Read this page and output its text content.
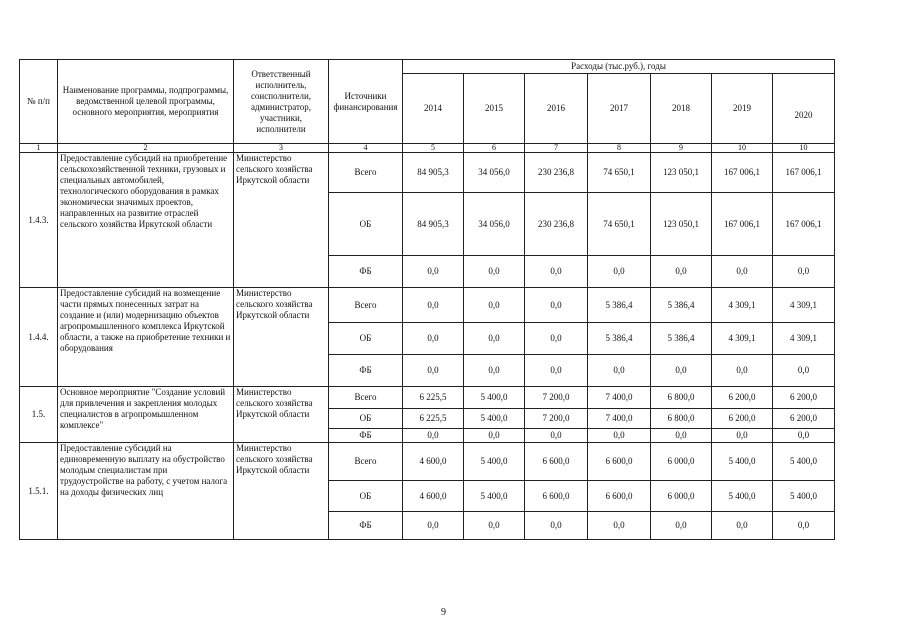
№ п/п	Наименование программы, подпрограммы, ведомственной целевой программы, основного мероприятия, мероприятия	Ответственный исполнитель, соисполнители, администратор, участники, исполнители	Источники финансирования	Расходы (тыс.руб.), годы						
				2014	2015	2016	2017	2018	2019	2020
1	2	3	4	5	6	7	8	9	10	10
1.4.3.	Предоставление субсидий на приобретение сельскохозяйственной техники, грузовых и специальных автомобилей, технологического оборудования в рамках экономически значимых проектов, направленных на развитие отраслей сельского хозяйства Иркутской области	Министерство сельского хозяйства Иркутской области	Всего	84 905,3	34 056,0	230 236,8	74 650,1	123 050,1	167 006,1	167 006,1
			ОБ	84 905,3	34 056,0	230 236,8	74 650,1	123 050,1	167 006,1	167 006,1
			ФБ	0,0	0,0	0,0	0,0	0,0	0,0	0,0
1.4.4.	Предоставление субсидий на возмещение части прямых понесенных затрат на создание и (или) модернизацию объектов агропромышленного комплекса Иркутской области, а также на приобретение техники и оборудования	Министерство сельского хозяйства Иркутской области	Всего	0,0	0,0	0,0	5 386,4	5 386,4	4 309,1	4 309,1
			ОБ	0,0	0,0	0,0	5 386,4	5 386,4	4 309,1	4 309,1
			ФБ	0,0	0,0	0,0	0,0	0,0	0,0	0,0
1.5.	Основное мероприятие "Создание условий для привлечения и закрепления молодых специалистов в агропромышленном комплексе"	Министерство сельского хозяйства Иркутской области	Всего	6 225,5	5 400,0	7 200,0	7 400,0	6 800,0	6 200,0	6 200,0
			ОБ	6 225,5	5 400,0	7 200,0	7 400,0	6 800,0	6 200,0	6 200,0
			ФБ	0,0	0,0	0,0	0,0	0,0	0,0	0,0
1.5.1.	Предоставление субсидий на единовременную выплату на обустройство молодым специалистам при трудоустройстве на работу, с учетом налога на доходы физических лиц	Министерство сельского хозяйства Иркутской области	Всего	4 600,0	5 400,0	6 600,0	6 600,0	6 000,0	5 400,0	5 400,0
			ОБ	4 600,0	5 400,0	6 600,0	6 600,0	6 000,0	5 400,0	5 400,0
			ФБ	0,0	0,0	0,0	0,0	0,0	0,0	0,0
9
